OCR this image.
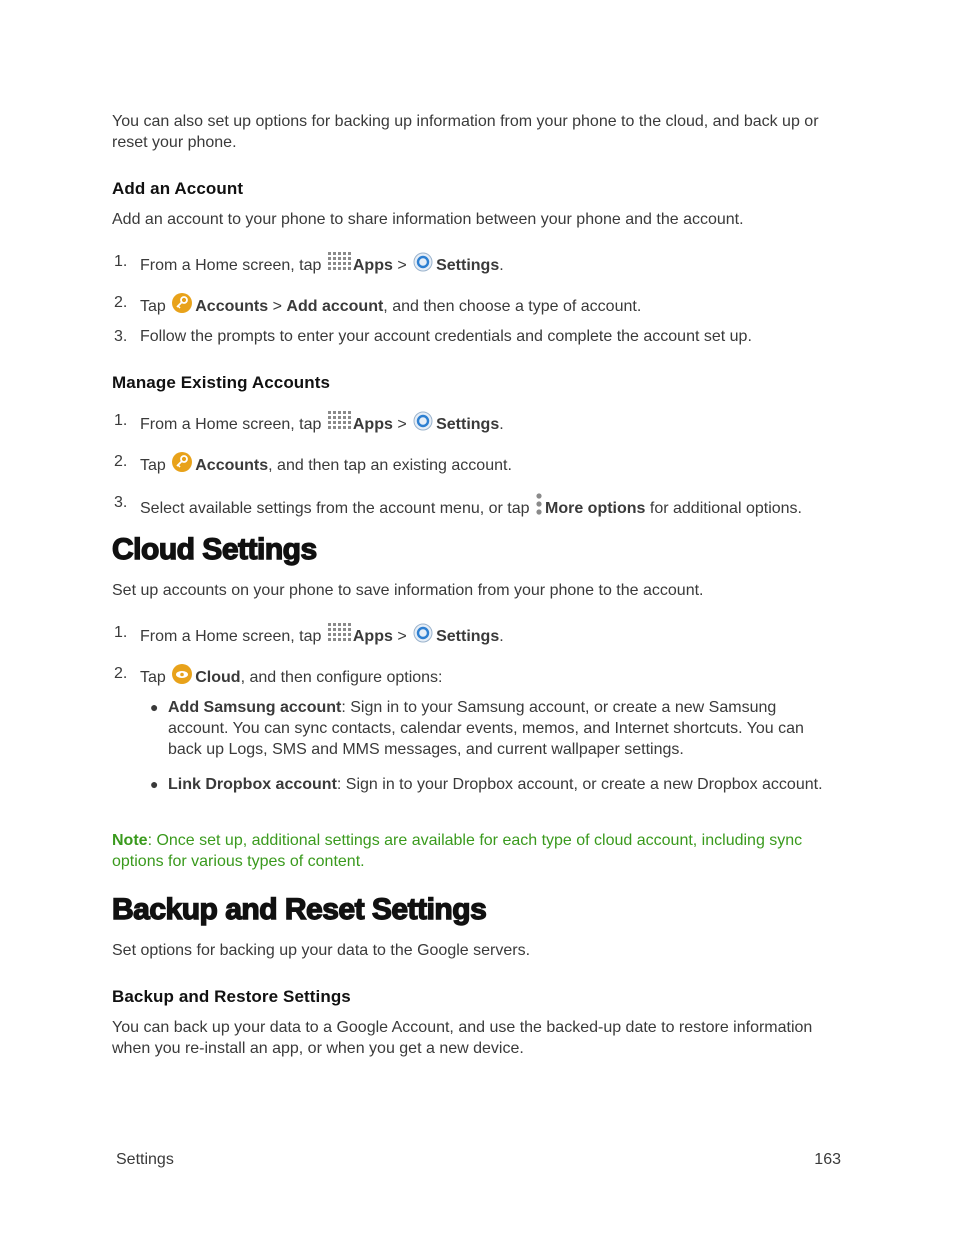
You can also set up options for backing up information from your phone to the cloud, and back up or reset your phone.
Add an Account
Add an account to your phone to share information between your phone and the account.
1. From a Home screen, tap Apps > Settings.
2. Tap Accounts > Add account, and then choose a type of account.
3. Follow the prompts to enter your account credentials and complete the account set up.
Manage Existing Accounts
1. From a Home screen, tap Apps > Settings.
2. Tap Accounts, and then tap an existing account.
3. Select available settings from the account menu, or tap More options for additional options.
Cloud Settings
Set up accounts on your phone to save information from your phone to the account.
1. From a Home screen, tap Apps > Settings.
2. Tap Cloud, and then configure options:
● Add Samsung account: Sign in to your Samsung account, or create a new Samsung account. You can sync contacts, calendar events, memos, and Internet shortcuts. You can back up Logs, SMS and MMS messages, and current wallpaper settings.
● Link Dropbox account: Sign in to your Dropbox account, or create a new Dropbox account.
Note: Once set up, additional settings are available for each type of cloud account, including sync options for various types of content.
Backup and Reset Settings
Set options for backing up your data to the Google servers.
Backup and Restore Settings
You can back up your data to a Google Account, and use the backed-up date to restore information when you re-install an app, or when you get a new device.
Settings	163
